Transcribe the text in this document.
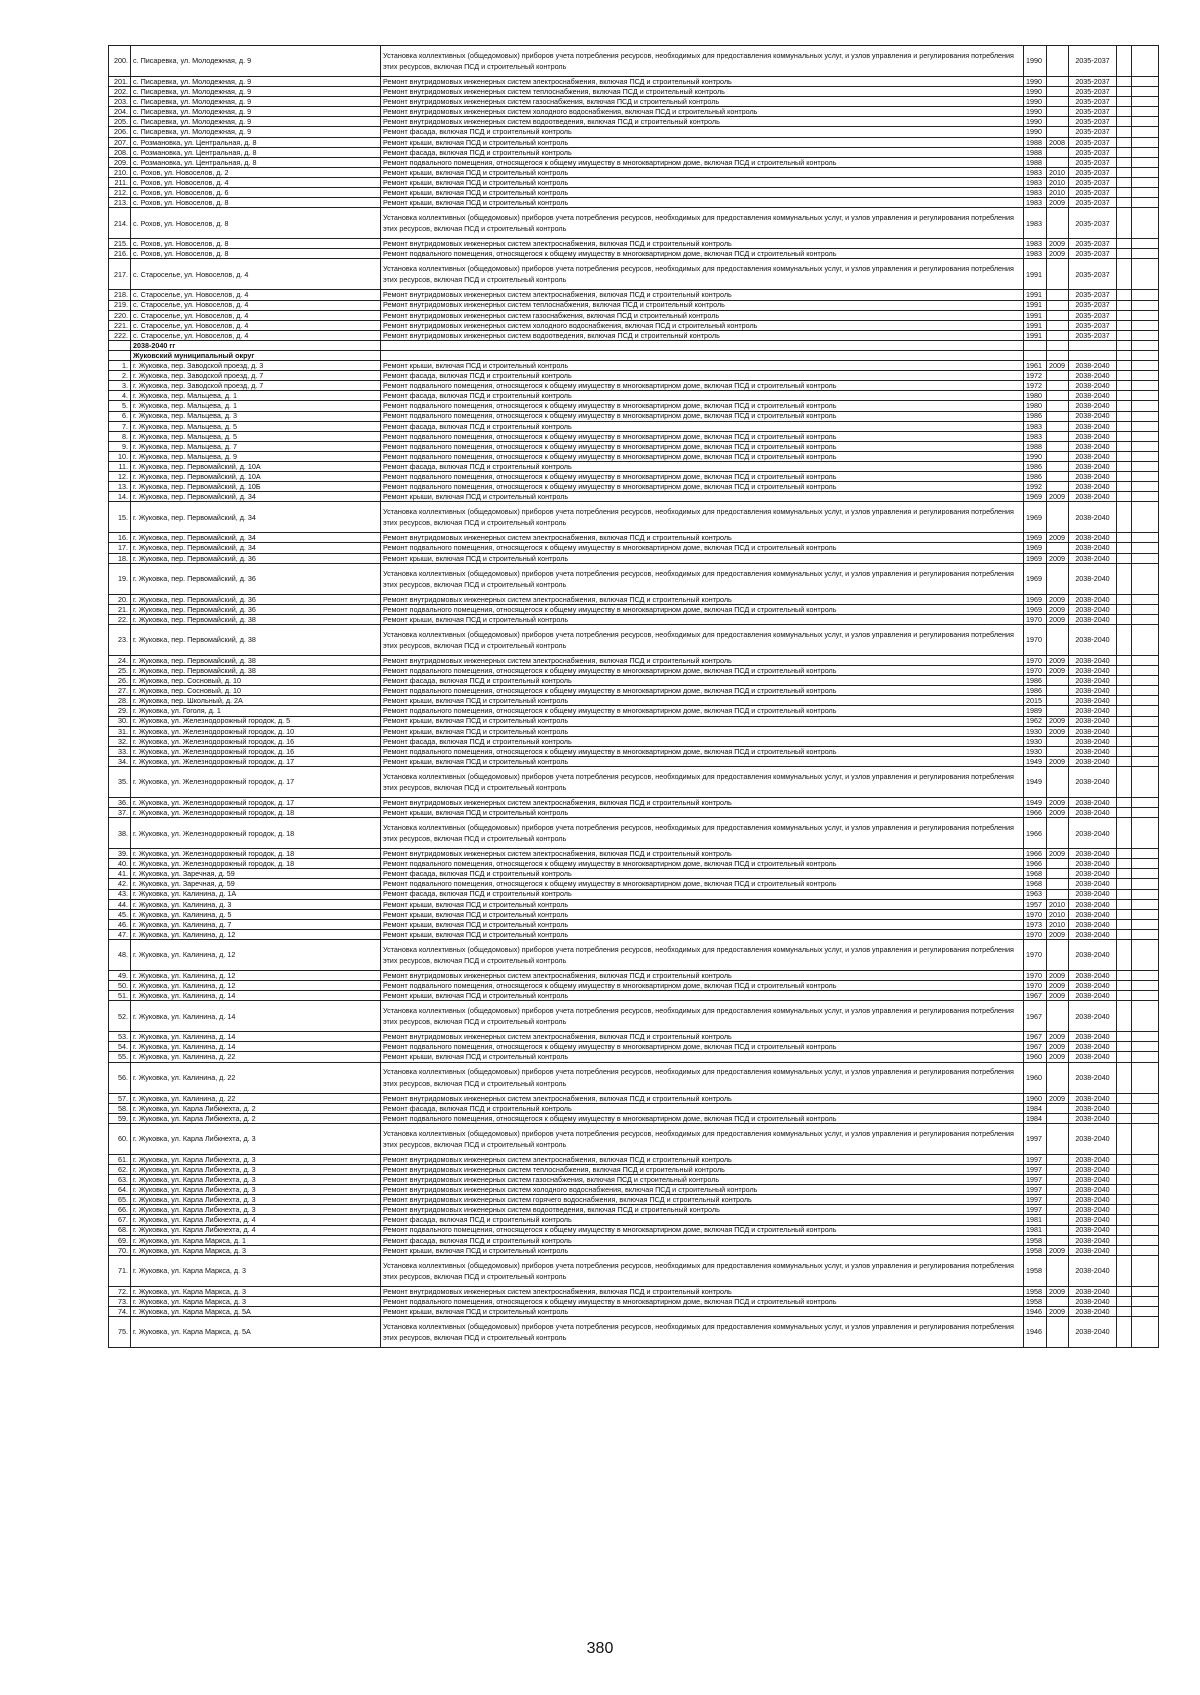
200.	с. Писаревка, ул. Молодежная, д. 9	Установка коллективных (общедомовых) приборов учета потребления ресурсов, необходимых для предоставления коммунальных услуг, и узлов управления и регулирования потребления этих ресурсов, включая ПСД и строительный контроль	1990		2035-2037		
201.	с. Писаревка, ул. Молодежная, д. 9	Ремонт внутридомовых инженерных систем электроснабжения, включая ПСД и строительный контроль	1990		2035-2037		
202.	с. Писаревка, ул. Молодежная, д. 9	Ремонт внутридомовых инженерных систем теплоснабжения, включая ПСД и строительный контроль	1990		2035-2037		
203.	с. Писаревка, ул. Молодежная, д. 9	Ремонт внутридомовых инженерных систем газоснабжения, включая ПСД и строительный контроль	1990		2035-2037		
204.	с. Писаревка, ул. Молодежная, д. 9	Ремонт внутридомовых инженерных систем холодного водоснабжения, включая ПСД и строительный контроль	1990		2035-2037		
205.	с. Писаревка, ул. Молодежная, д. 9	Ремонт внутридомовых инженерных систем водоотведения, включая ПСД и строительный контроль	1990		2035-2037		
206.	с. Писаревка, ул. Молодежная, д. 9	Ремонт фасада, включая ПСД и строительный контроль	1990		2035-2037		
207.	с. Розмановка, ул. Центральная, д. 8	Ремонт крыши, включая ПСД и строительный контроль	1988	2008	2035-2037		
208.	с. Розмановка, ул. Центральная, д. 8	Ремонт фасада, включая ПСД и строительный контроль	1988		2035-2037		
209.	с. Розмановка, ул. Центральная, д. 8	Ремонт подвального помещения, относящегося к общему имуществу в многоквартирном доме, включая ПСД и строительный контроль	1988		2035-2037		
210.	с. Рохов, ул. Новоселов, д. 2	Ремонт крыши, включая ПСД и строительный контроль	1983	2010	2035-2037		
211.	с. Рохов, ул. Новоселов, д. 4	Ремонт крыши, включая ПСД и строительный контроль	1983	2010	2035-2037		
212.	с. Рохов, ул. Новоселов, д. 6	Ремонт крыши, включая ПСД и строительный контроль	1983	2010	2035-2037		
213.	с. Рохов, ул. Новоселов, д. 8	Ремонт крыши, включая ПСД и строительный контроль	1983	2009	2035-2037		
214.	с. Рохов, ул. Новоселов, д. 8	Установка коллективных (общедомовых) приборов учета потребления ресурсов, необходимых для предоставления коммунальных услуг, и узлов управления и регулирования потребления этих ресурсов, включая ПСД и строительный контроль	1983		2035-2037		
215.	с. Рохов, ул. Новоселов, д. 8	Ремонт внутридомовых инженерных систем электроснабжения, включая ПСД и строительный контроль	1983	2009	2035-2037		
216.	с. Рохов, ул. Новоселов, д. 8	Ремонт подвального помещения, относящегося к общему имуществу в многоквартирном доме, включая ПСД и строительный контроль	1983	2009	2035-2037		
217.	с. Староселье, ул. Новоселов, д. 4	Установка коллективных (общедомовых) приборов учета потребления ресурсов, необходимых для предоставления коммунальных услуг, и узлов управления и регулирования потребления этих ресурсов, включая ПСД и строительный контроль	1991		2035-2037		
218.	с. Староселье, ул. Новоселов, д. 4	Ремонт внутридомовых инженерных систем электроснабжения, включая ПСД и строительный контроль	1991		2035-2037		
219.	с. Староселье, ул. Новоселов, д. 4	Ремонт внутридомовых инженерных систем теплоснабжения, включая ПСД и строительный контроль	1991		2035-2037		
220.	с. Староселье, ул. Новоселов, д. 4	Ремонт внутридомовых инженерных систем газоснабжения, включая ПСД и строительный контроль	1991		2035-2037		
221.	с. Староселье, ул. Новоселов, д. 4	Ремонт внутридомовых инженерных систем холодного водоснабжения, включая ПСД и строительный контроль	1991		2035-2037		
222.	с. Староселье, ул. Новоселов, д. 4	Ремонт внутридомовых инженерных систем водоотведения, включая ПСД и строительный контроль	1991		2035-2037		
	2038-2040 гг						
	Жуковский муниципальный округ						
1.	г. Жуковка, пер. Заводской проезд, д. 3	Ремонт крыши, включая ПСД и строительный контроль	1961	2009	2038-2040		
2.	г. Жуковка, пер. Заводской проезд, д. 7	Ремонт фасада, включая ПСД и строительный контроль	1972		2038-2040		
3.	г. Жуковка, пер. Заводской проезд, д. 7	Ремонт подвального помещения, относящегося к общему имуществу в многоквартирном доме, включая ПСД и строительный контроль	1972		2038-2040		
4.	г. Жуковка, пер. Мальцева, д. 1	Ремонт фасада, включая ПСД и строительный контроль	1980		2038-2040		
5.	г. Жуковка, пер. Мальцева, д. 1	Ремонт подвального помещения, относящегося к общему имуществу в многоквартирном доме, включая ПСД и строительный контроль	1980		2038-2040		
6.	г. Жуковка, пер. Мальцева, д. 3	Ремонт подвального помещения, относящегося к общему имуществу в многоквартирном доме, включая ПСД и строительный контроль	1986		2038-2040		
7.	г. Жуковка, пер. Мальцева, д. 5	Ремонт фасада, включая ПСД и строительный контроль	1983		2038-2040		
8.	г. Жуковка, пер. Мальцева, д. 5	Ремонт подвального помещения, относящегося к общему имуществу в многоквартирном доме, включая ПСД и строительный контроль	1983		2038-2040		
9.	г. Жуковка, пер. Мальцева, д. 7	Ремонт подвального помещения, относящегося к общему имуществу в многоквартирном доме, включая ПСД и строительный контроль	1988		2038-2040		
10.	г. Жуковка, пер. Мальцева, д. 9	Ремонт подвального помещения, относящегося к общему имуществу в многоквартирном доме, включая ПСД и строительный контроль	1990		2038-2040		
11.	г. Жуковка, пер. Первомайский, д. 10А	Ремонт фасада, включая ПСД и строительный контроль	1986		2038-2040		
12.	г. Жуковка, пер. Первомайский, д. 10А	Ремонт подвального помещения, относящегося к общему имуществу в многоквартирном доме, включая ПСД и строительный контроль	1986		2038-2040		
13.	г. Жуковка, пер. Первомайский, д. 10Б	Ремонт подвального помещения, относящегося к общему имуществу в многоквартирном доме, включая ПСД и строительный контроль	1992		2038-2040		
14.	г. Жуковка, пер. Первомайский, д. 34	Ремонт крыши, включая ПСД и строительный контроль	1969	2009	2038-2040		
15.	г. Жуковка, пер. Первомайский, д. 34	Установка коллективных (общедомовых) приборов учета потребления ресурсов, необходимых для предоставления коммунальных услуг, и узлов управления и регулирования потребления этих ресурсов, включая ПСД и строительный контроль	1969		2038-2040		
16.	г. Жуковка, пер. Первомайский, д. 34	Ремонт внутридомовых инженерных систем электроснабжения, включая ПСД и строительный контроль	1969	2009	2038-2040		
17.	г. Жуковка, пер. Первомайский, д. 34	Ремонт подвального помещения, относящегося к общему имуществу в многоквартирном доме, включая ПСД и строительный контроль	1969		2038-2040		
18.	г. Жуковка, пер. Первомайский, д. 36	Ремонт крыши, включая ПСД и строительный контроль	1969	2009	2038-2040		
19.	г. Жуковка, пер. Первомайский, д. 36	Установка коллективных (общедомовых) приборов учета потребления ресурсов, необходимых для предоставления коммунальных услуг, и узлов управления и регулирования потребления этих ресурсов, включая ПСД и строительный контроль	1969		2038-2040		
20.	г. Жуковка, пер. Первомайский, д. 36	Ремонт внутридомовых инженерных систем электроснабжения, включая ПСД и строительный контроль	1969	2009	2038-2040		
21.	г. Жуковка, пер. Первомайский, д. 36	Ремонт подвального помещения, относящегося к общему имуществу в многоквартирном доме, включая ПСД и строительный контроль	1969	2009	2038-2040		
22.	г. Жуковка, пер. Первомайский, д. 38	Ремонт крыши, включая ПСД и строительный контроль	1970	2009	2038-2040		
23.	г. Жуковка, пер. Первомайский, д. 38	Установка коллективных (общедомовых) приборов учета потребления ресурсов, необходимых для предоставления коммунальных услуг, и узлов управления и регулирования потребления этих ресурсов, включая ПСД и строительный контроль	1970		2038-2040		
24.	г. Жуковка, пер. Первомайский, д. 38	Ремонт внутридомовых инженерных систем электроснабжения, включая ПСД и строительный контроль	1970	2009	2038-2040		
25.	г. Жуковка, пер. Первомайский, д. 38	Ремонт подвального помещения, относящегося к общему имуществу в многоквартирном доме, включая ПСД и строительный контроль	1970	2009	2038-2040		
26.	г. Жуковка, пер. Сосновый, д. 10	Ремонт фасада, включая ПСД и строительный контроль	1986		2038-2040		
27.	г. Жуковка, пер. Сосновый, д. 10	Ремонт подвального помещения, относящегося к общему имуществу в многоквартирном доме, включая ПСД и строительный контроль	1986		2038-2040		
28.	г. Жуковка, пер. Школьный, д. 2А	Ремонт крыши, включая ПСД и строительный контроль	2015		2038-2040		
29.	г. Жуковка, ул. Гоголя, д. 1	Ремонт подвального помещения, относящегося к общему имуществу в многоквартирном доме, включая ПСД и строительный контроль	1989		2038-2040		
30.	г. Жуковка, ул. Железнодорожный городок, д. 5	Ремонт крыши, включая ПСД и строительный контроль	1962	2009	2038-2040		
31.	г. Жуковка, ул. Железнодорожный городок, д. 10	Ремонт крыши, включая ПСД и строительный контроль	1930	2009	2038-2040		
32.	г. Жуковка, ул. Железнодорожный городок, д. 16	Ремонт фасада, включая ПСД и строительный контроль	1930		2038-2040		
33.	г. Жуковка, ул. Железнодорожный городок, д. 16	Ремонт подвального помещения, относящегося к общему имуществу в многоквартирном доме, включая ПСД и строительный контроль	1930		2038-2040		
34.	г. Жуковка, ул. Железнодорожный городок, д. 17	Ремонт крыши, включая ПСД и строительный контроль	1949	2009	2038-2040		
35.	г. Жуковка, ул. Железнодорожный городок, д. 17	Установка коллективных (общедомовых) приборов учета потребления ресурсов, необходимых для предоставления коммунальных услуг, и узлов управления и регулирования потребления этих ресурсов, включая ПСД и строительный контроль	1949		2038-2040		
36.	г. Жуковка, ул. Железнодорожный городок, д. 17	Ремонт внутридомовых инженерных систем электроснабжения, включая ПСД и строительный контроль	1949	2009	2038-2040		
37.	г. Жуковка, ул. Железнодорожный городок, д. 18	Ремонт крыши, включая ПСД и строительный контроль	1966	2009	2038-2040		
38.	г. Жуковка, ул. Железнодорожный городок, д. 18	Установка коллективных (общедомовых) приборов учета потребления ресурсов, необходимых для предоставления коммунальных услуг, и узлов управления и регулирования потребления этих ресурсов, включая ПСД и строительный контроль	1966		2038-2040		
39.	г. Жуковка, ул. Железнодорожный городок, д. 18	Ремонт внутридомовых инженерных систем электроснабжения, включая ПСД и строительный контроль	1966	2009	2038-2040		
40.	г. Жуковка, ул. Железнодорожный городок, д. 18	Ремонт подвального помещения, относящегося к общему имуществу в многоквартирном доме, включая ПСД и строительный контроль	1966		2038-2040		
41.	г. Жуковка, ул. Заречная, д. 59	Ремонт фасада, включая ПСД и строительный контроль	1968		2038-2040		
42.	г. Жуковка, ул. Заречная, д. 59	Ремонт подвального помещения, относящегося к общему имуществу в многоквартирном доме, включая ПСД и строительный контроль	1968		2038-2040		
43.	г. Жуковка, ул. Калинина, д. 1А	Ремонт фасада, включая ПСД и строительный контроль	1963		2038-2040		
44.	г. Жуковка, ул. Калинина, д. 3	Ремонт крыши, включая ПСД и строительный контроль	1957	2010	2038-2040		
45.	г. Жуковка, ул. Калинина, д. 5	Ремонт крыши, включая ПСД и строительный контроль	1970	2010	2038-2040		
46.	г. Жуковка, ул. Калинина, д. 7	Ремонт крыши, включая ПСД и строительный контроль	1973	2010	2038-2040		
47.	г. Жуковка, ул. Калинина, д. 12	Ремонт крыши, включая ПСД и строительный контроль	1970	2009	2038-2040		
48.	г. Жуковка, ул. Калинина, д. 12	Установка коллективных (общедомовых) приборов учета потребления ресурсов, необходимых для предоставления коммунальных услуг, и узлов управления и регулирования потребления этих ресурсов, включая ПСД и строительный контроль	1970		2038-2040		
49.	г. Жуковка, ул. Калинина, д. 12	Ремонт внутридомовых инженерных систем электроснабжения, включая ПСД и строительный контроль	1970	2009	2038-2040		
50.	г. Жуковка, ул. Калинина, д. 12	Ремонт подвального помещения, относящегося к общему имуществу в многоквартирном доме, включая ПСД и строительный контроль	1970	2009	2038-2040		
51.	г. Жуковка, ул. Калинина, д. 14	Ремонт крыши, включая ПСД и строительный контроль	1967	2009	2038-2040		
52.	г. Жуковка, ул. Калинина, д. 14	Установка коллективных (общедомовых) приборов учета потребления ресурсов, необходимых для предоставления коммунальных услуг, и узлов управления и регулирования потребления этих ресурсов, включая ПСД и строительный контроль	1967		2038-2040		
53.	г. Жуковка, ул. Калинина, д. 14	Ремонт внутридомовых инженерных систем электроснабжения, включая ПСД и строительный контроль	1967	2009	2038-2040		
54.	г. Жуковка, ул. Калинина, д. 14	Ремонт подвального помещения, относящегося к общему имуществу в многоквартирном доме, включая ПСД и строительный контроль	1967	2009	2038-2040		
55.	г. Жуковка, ул. Калинина, д. 22	Ремонт крыши, включая ПСД и строительный контроль	1960	2009	2038-2040		
56.	г. Жуковка, ул. Калинина, д. 22	Установка коллективных (общедомовых) приборов учета потребления ресурсов, необходимых для предоставления коммунальных услуг, и узлов управления и регулирования потребления этих ресурсов, включая ПСД и строительный контроль	1960		2038-2040		
57.	г. Жуковка, ул. Калинина, д. 22	Ремонт внутридомовых инженерных систем электроснабжения, включая ПСД и строительный контроль	1960	2009	2038-2040		
58.	г. Жуковка, ул. Карла Либкнехта, д. 2	Ремонт фасада, включая ПСД и строительный контроль	1984		2038-2040		
59.	г. Жуковка, ул. Карла Либкнехта, д. 2	Ремонт подвального помещения, относящегося к общему имуществу в многоквартирном доме, включая ПСД и строительный контроль	1984		2038-2040		
60.	г. Жуковка, ул. Карла Либкнехта, д. 3	Установка коллективных (общедомовых) приборов учета потребления ресурсов, необходимых для предоставления коммунальных услуг, и узлов управления и регулирования потребления этих ресурсов, включая ПСД и строительный контроль	1997		2038-2040		
61.	г. Жуковка, ул. Карла Либкнехта, д. 3	Ремонт внутридомовых инженерных систем электроснабжения, включая ПСД и строительный контроль	1997		2038-2040		
62.	г. Жуковка, ул. Карла Либкнехта, д. 3	Ремонт внутридомовых инженерных систем теплоснабжения, включая ПСД и строительный контроль	1997		2038-2040		
63.	г. Жуковка, ул. Карла Либкнехта, д. 3	Ремонт внутридомовых инженерных систем газоснабжения, включая ПСД и строительный контроль	1997		2038-2040		
64.	г. Жуковка, ул. Карла Либкнехта, д. 3	Ремонт внутридомовых инженерных систем холодного водоснабжения, включая ПСД и строительный контроль	1997		2038-2040		
65.	г. Жуковка, ул. Карла Либкнехта, д. 3	Ремонт внутридомовых инженерных систем горячего водоснабжения, включая ПСД и строительный контроль	1997		2038-2040		
66.	г. Жуковка, ул. Карла Либкнехта, д. 3	Ремонт внутридомовых инженерных систем водоотведения, включая ПСД и строительный контроль	1997		2038-2040		
67.	г. Жуковка, ул. Карла Либкнехта, д. 4	Ремонт фасада, включая ПСД и строительный контроль	1981		2038-2040		
68.	г. Жуковка, ул. Карла Либкнехта, д. 4	Ремонт подвального помещения, относящегося к общему имуществу в многоквартирном доме, включая ПСД и строительный контроль	1981		2038-2040		
69.	г. Жуковка, ул. Карла Маркса, д. 1	Ремонт фасада, включая ПСД и строительный контроль	1958		2038-2040		
70.	г. Жуковка, ул. Карла Маркса, д. 3	Ремонт крыши, включая ПСД и строительный контроль	1958	2009	2038-2040		
71.	г. Жуковка, ул. Карла Маркса, д. 3	Установка коллективных (общедомовых) приборов учета потребления ресурсов, необходимых для предоставления коммунальных услуг, и узлов управления и регулирования потребления этих ресурсов, включая ПСД и строительный контроль	1958		2038-2040		
72.	г. Жуковка, ул. Карла Маркса, д. 3	Ремонт внутридомовых инженерных систем электроснабжения, включая ПСД и строительный контроль	1958	2009	2038-2040		
73.	г. Жуковка, ул. Карла Маркса, д. 3	Ремонт подвального помещения, относящегося к общему имуществу в многоквартирном доме, включая ПСД и строительный контроль	1958		2038-2040		
74.	г. Жуковка, ул. Карла Маркса, д. 5А	Ремонт крыши, включая ПСД и строительный контроль	1946	2009	2038-2040		
75.	г. Жуковка, ул. Карла Маркса, д. 5А	Установка коллективных (общедомовых) приборов учета потребления ресурсов, необходимых для предоставления коммунальных услуг, и узлов управления и регулирования потребления этих ресурсов, включая ПСД и строительный контроль	1946		2038-2040		
380
